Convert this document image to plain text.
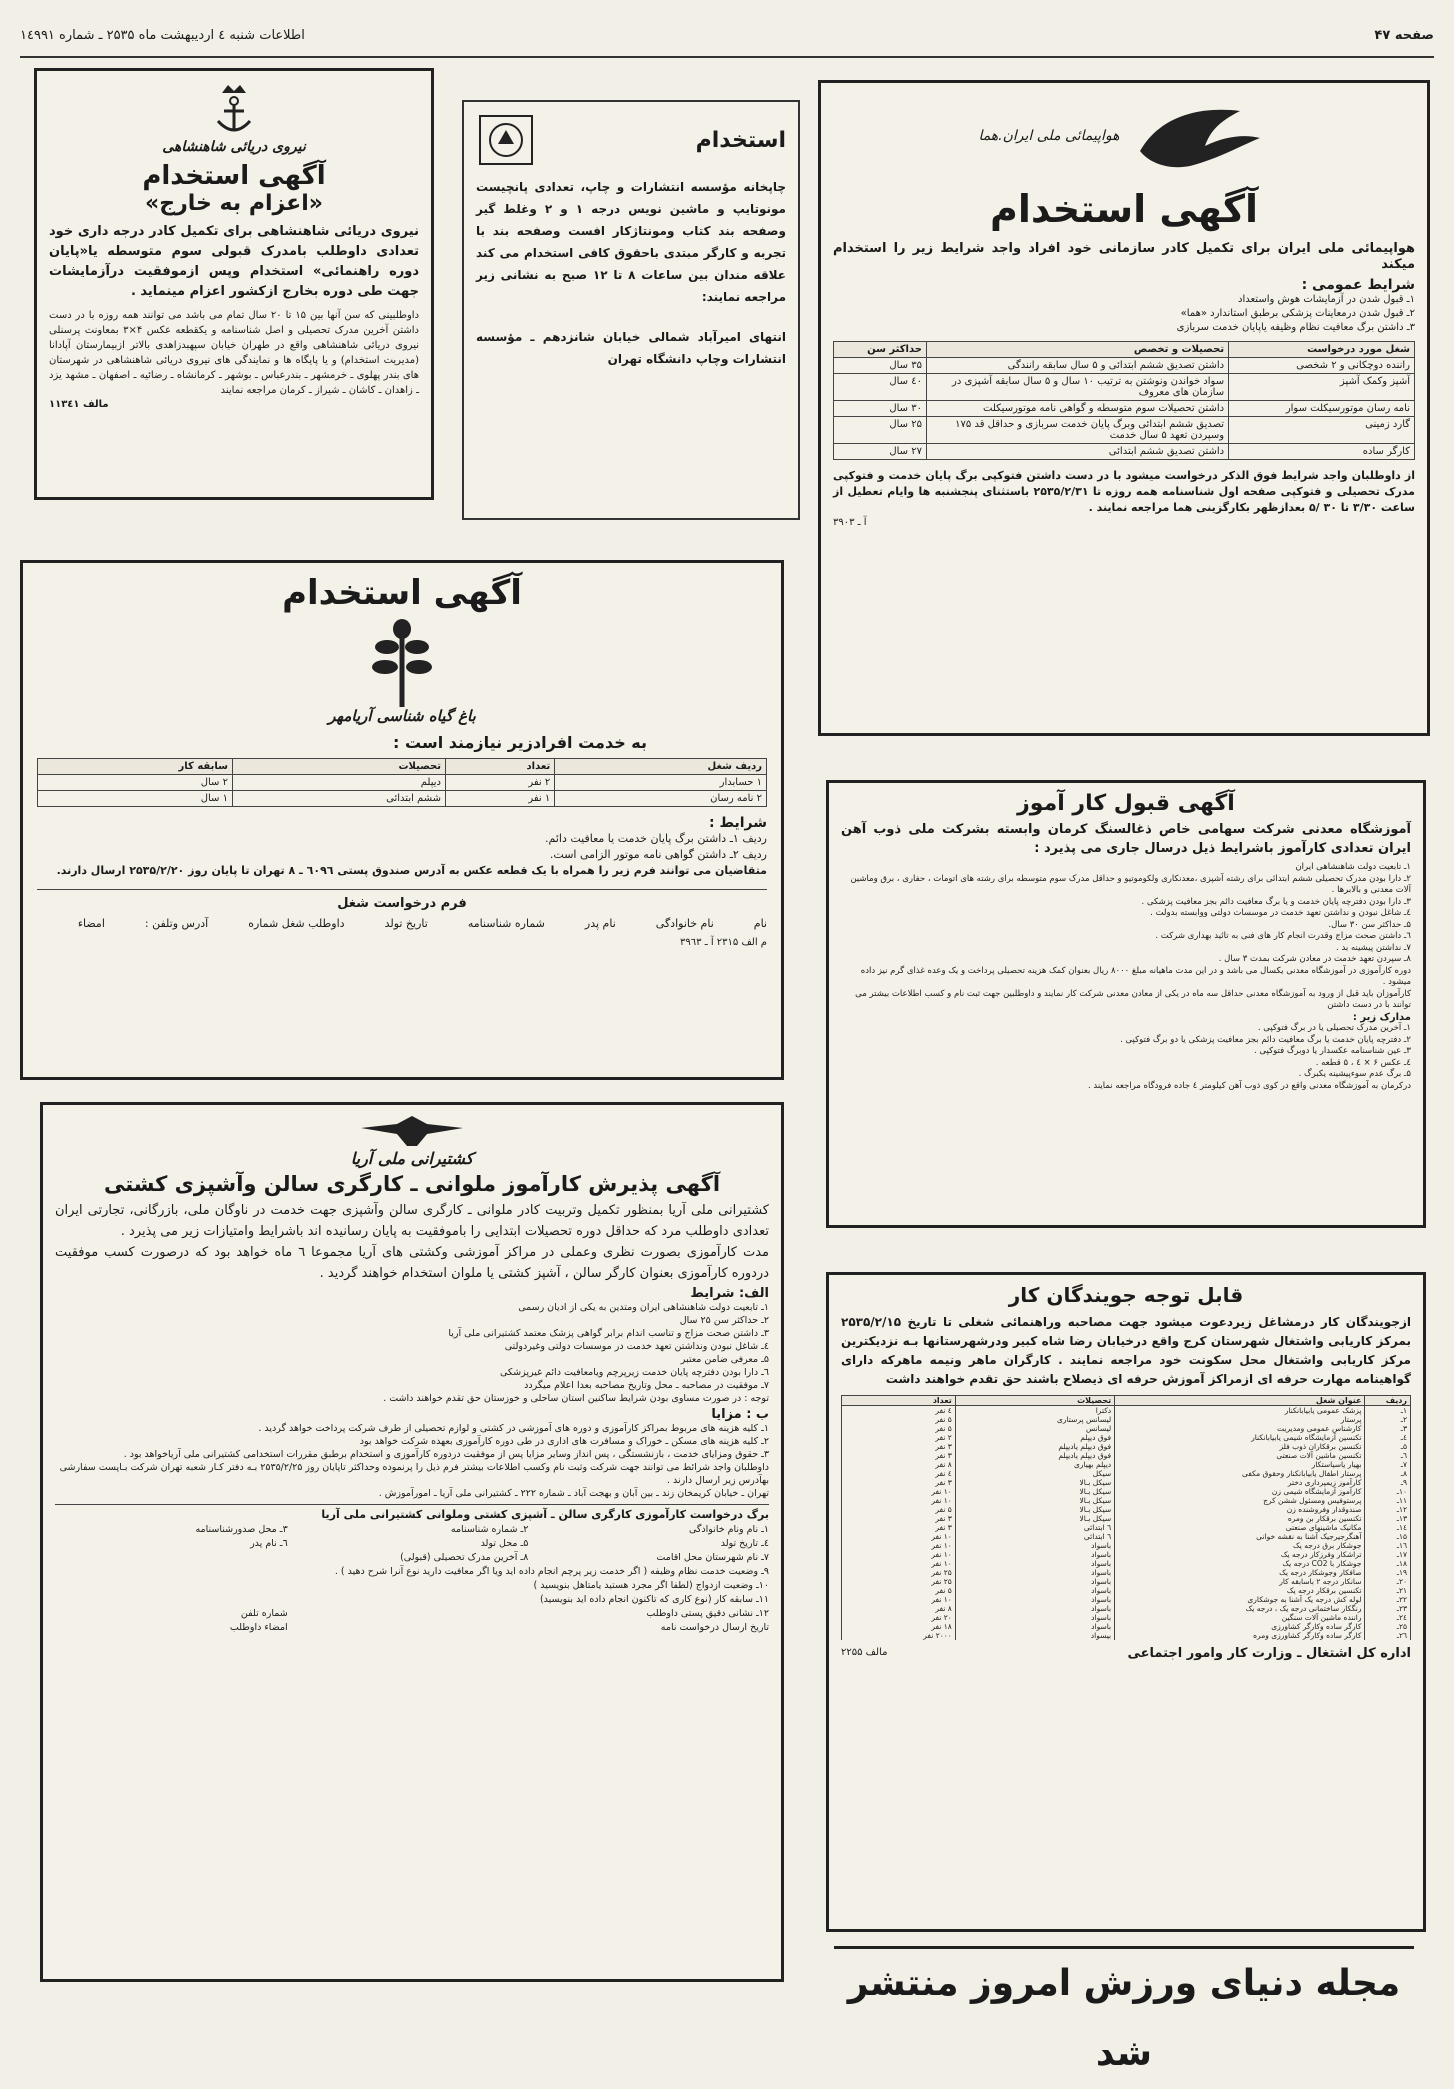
صفحه ۴۷
اطلاعات شنبه ٤ اردیبهشت ماه ۲۵۳۵ ـ شماره ۱٤۹۹۱
هواپیمائی ملی ایران.هما
آگهی استخدام
هواپیمائی ملی ایران برای تکمیل کادر سازمانی خود افراد واجد شرایط زیر را استخدام میکند
شرایط عمومی :
۱ـ قبول شدن در آزمایشات هوش واستعداد
۲ـ قبول شدن درمعاینات پزشکی برطبق استاندارد «هما»
۳ـ داشتن برگ معافیت نظام وظیفه یاپایان خدمت سربازی
شغل مورد درخواست	تحصیلات و تخصص	حداکثر سن
راننده دوچکانی و ۲ شخصی	داشتن تصدیق ششم ابتدائی و ۵ سال سابقه رانندگی	۳۵ سال
آشپز وکمک آشپز	سواد خواندن ونوشتن به ترتیب ۱۰ سال و ۵ سال سابقه آشپزی در سازمان های معروف	٤۰ سال
نامه رسان موتورسیکلت سوار	داشتن تحصیلات سوم متوسطه و گواهی نامه موتورسیکلت	۳۰ سال
گارد زمینی	تصدیق ششم ابتدائی وبرگ پایان خدمت سربازی و حداقل قد ۱۷۵ وسپردن تعهد ۵ سال خدمت	۲۵ سال
کارگر ساده	داشتن تصدیق ششم ابتدائی	۲۷ سال
از داوطلبان واجد شرایط فوق الذکر درخواست میشود با در دست داشتن فتوکپی برگ پایان خدمت و فتوکپی مدرک تحصیلی و فتوکپی صفحه اول شناسنامه همه روزه تا ۲۵۳۵/۲/۳۱ باستثنای پنجشنبه ها وایام تعطیل از ساعت ۳/۳۰ تا ۳۰ /۵ بعدازظهر بکارگزینی هما مراجعه نمایند .
آ ـ ۳۹۰۳
استخدام
چاپخانه مؤسسه انتشارات و چاپ، تعدادی پانچیست مونوتایپ و ماشین نویس درجه ۱ و ۲ وغلط گیر وصفحه بند کتاب ومونتاژکار افست وصفحه بند با تجربه و کارگر مبتدی باحقوق کافی استخدام می کند علاقه مندان بین ساعات ۸ تا ۱۲ صبح به نشانی زیر مراجعه نمایند:
انتهای امیرآباد شمالی خیابان شانزدهم ـ مؤسسه انتشارات وچاپ دانشگاه تهران
نیروی دریائی شاهنشاهی
آگهی استخدام
«اعزام به خارج»
نیروی دریائی شاهنشاهی برای تکمیل کادر درجه داری خود تعدادی داوطلب بامدرک قبولی سوم متوسطه یا«پایان دوره راهنمائی» استخدام وپس ازموفقیت درآزمایشات جهت طی دوره بخارج ازکشور اعزام مینماید .
داوطلبینی که سن آنها بین ۱۵ تا ۲۰ سال تمام می باشد می توانند همه روزه با در دست داشتن آخرین مدرک تحصیلی و اصل شناسنامه و یکقطعه عکس ۴×۳ بمعاونت پرسنلی نیروی دریائی شاهنشاهی واقع در طهران خیابان سپهبدزاهدی بالاتر ازبیمارستان آپادانا (مدیریت استخدام) و یا پایگاه ها و نمایندگی های نیروی دریائی شاهنشاهی در شهرستان های بندر پهلوی ـ خرمشهر ـ بندرعباس ـ بوشهر ـ کرمانشاه ـ رضائیه ـ اصفهان ـ مشهد یزد ـ زاهدان ـ کاشان ـ شیراز ـ کرمان مراجعه نمایند
مالف ۱۱۳٤۱
آگهی استخدام
باغ گیاه شناسی آریامهر
به خدمت افرادزیر نیازمند است :
ردیف شغل	تعداد	تحصیلات	سابقه کار
۱ حسابدار	۲ نفر	دیپلم	۲ سال
۲ نامه رسان	۱ نفر	ششم ابتدائی	۱ سال
شرایط :
ردیف ۱ـ داشتن برگ پایان خدمت یا معافیت دائم.
ردیف ۲ـ داشتن گواهی نامه موتور الزامی است.
متقاضیان می توانند فرم زیر را همراه با یک قطعه عکس به آدرس صندوق پستی ٦۰۹٦ ـ ۸ تهران تا پایان روز ۲۵۳۵/۲/۲۰ ارسال دارند.
فرم درخواست شغل
نام
نام خانوادگی
نام پدر
شماره شناسنامه
تاریخ تولد
داوطلب شغل شماره
آدرس وتلفن :
امضاء
م الف ۲۳۱۵ آ ـ ۳۹٦۳
آگهی قبول کار آموز
آموزشگاه معدنی شرکت سهامی خاص ذغالسنگ کرمان وابسته بشرکت ملی ذوب آهن ایران تعدادی کارآموز باشرایط ذیل درسال جاری می پذیرد :
۱ـ تابعیت دولت شاهنشاهی ایران
۲ـ دارا بودن مدرک تحصیلی ششم ابتدائی برای رشته آشپزی ،معدنکاری ولکوموتیو و حداقل مدرک سوم متوسطه برای رشته های اتومات ، حفاری ، برق وماشین آلات معدنی و بالابرها .
۳ـ دارا بودن دفترچه پایان خدمت و یا برگ معافیت دائم بجز معافیت پزشکی .
٤ـ شاغل نبودن و نداشتن تعهد خدمت در موسسات دولتی ووابسته بدولت .
۵ـ حداکثر سن ۳۰ سال.
٦ـ داشتن صحت مزاج وقدرت انجام کار های فنی به تائید بهداری شرکت .
۷ـ نداشتن پیشینه بد .
۸ـ سپردن تعهد خدمت در معادن شرکت بمدت ۳ سال .
دوره کارآموزی در آموزشگاه معدنی یکسال می باشد و در این مدت ماهیانه مبلغ ۸۰۰۰ ریال بعنوان کمک هزینه تحصیلی پرداخت و یک وعده غذای گرم نیز داده میشود .
کارآموزان باید قبل از ورود به آموزشگاه معدنی حداقل سه ماه در یکی از معادن معدنی شرکت کار نمایند و داوطلبین جهت ثبت نام و کسب اطلاعات بیشتر می توانند با در دست داشتن
مدارک زیر :
۱ـ آخرین مدرک تحصیلی یا در برگ فتوکپی .
۲ـ دفترچه پایان خدمت یا برگ معافیت دائم بجز معافیت پزشکی یا دو برگ فتوکپی .
۳ـ عین شناسنامه عکسدار یا دوبرگ فتوکپی .
٤ـ عکس ۶ × ٤ ، ۵ قطعه .
۵ـ برگ عدم سوءپیشینه یکبرگ .
درکرمان به آموزشگاه معدنی واقع در کوی ذوب آهن کیلومتر ٤ جاده فرودگاه مراجعه نمایند .
قابل توجه جویندگان کار
ازجویندگان کار درمشاغل زیردعوت میشود جهت مصاحبه وراهنمائی شغلی تا تاریخ ۲۵۳۵/۲/۱۵ بمرکز کاریابی واشتغال شهرستان کرج واقع درخیابان رضا شاه کبیر ودرشهرستانها بـه نزدیکترین مرکز کاریابی واشتغال محل سکونت خود مراجعه نمایند . کارگران ماهر ونیمه ماهرکه دارای گواهینامه مهارت حرفه ای ازمراکز آموزش حرفه ای ذیصلاح باشند حق تقدم خواهند داشت
ردیف	عنوان شغل	تحصیلات	تعداد
۱ـ	پزشک عمومی یابیابانکنار	دکترا	٤ نفر
۲ـ	پرستار	لیسانس پرستاری	۵ نفر
۳ـ	کارشناس عمومی ومدیریت	لیسانس	۵ نفر
٤ـ	تکنسین آزمایشگاه شیمی یابیابانکنار	فوق دیپلم	۲ نفر
۵ـ	تکنسین برقکاران ذوب فلز	فوق دیپلم یادیپلم	۳ نفر
٦ـ	تکنسین ماشین آلات صنعتی	فوق دیپلم یادیپلم	۳ نفر
۷ـ	بهیار یاسیاستکار	دیپلم بهیاری	۸ نفر
۸ـ	پرستار اطفال یابیابانکنار وحقوق مکفی	سیکل	٤ نفر
۹ـ	کارآموز زیمپرداری دختر	سیکل بـالا	۳ نفر
۱۰ـ	کارآموز آزمایشگاه شیمی زن	سیکل بـالا	۱۰ نفر
۱۱ـ	پرستوفیس ومسئول ششن کرج	سیکل بـالا	۱۰ نفر
۱۲ـ	صندوقدار وفروشنده زن	سیکل بـالا	۵ نفر
۱۳ـ	تکنسین برقکار بن ومره	سیکل بـالا	۳ نفر
۱٤ـ	مکانیک ماشینهای صنعتی	٦ ابتدائی	۳ نفر
۱۵ـ	آهنگرجیرجیک آشنا به نقشه خوانی	٦ ابتدائی	۱۰ نفر
۱٦ـ	جوشکار برق درجه یک	باسواد	۱۰ نفر
۱۷ـ	تراشکار وفرزکار درجه یک	باسواد	۱۰ نفر
۱۸ـ	جوشکار با CO2 درجه یک	باسواد	۱۰ نفر
۱۹ـ	صافکار وجوشکار درجه یک	باسواد	۲۵ نفر
۲۰ـ	سانکار درجه ۲ باسابقه کار	باسواد	۲۵ نفر
۲۱ـ	تکنسین برقکار درجه یک	باسواد	۵ نفر
۲۲ـ	لوله کش درجه یک آشنا به جوشکاری	باسواد	۱۰ نفر
۲۳ـ	رنگکار ساختمانی درجه یک ، درجه یک	باسواد	۸ نفر
۲٤ـ	راننده ماشین آلات سنگین	باسواد	۲۰ نفر
۲۵ـ	کارگر ساده وکارگر کشاورزی	باسواد	۱۸ نفر
۲٦ـ	کارگر ساده وکارگر کشاورزی ومره	بیسواد	۲۰۰۰ نفر
اداره کل اشتغال ـ وزارت کار وامور اجتماعی
مالف ۲۲۵۵
کشتیرانی ملی آریا
آگهی پذیرش کارآموز ملوانی ـ کارگری سالن وآشپزی کشتی
کشتیرانی ملی آریا بمنظور تکمیل وتربیت کادر ملوانی ـ کارگری سالن وآشپزی جهت خدمت در ناوگان ملی، بازرگانی، تجارتی ایران تعدادی داوطلب مرد که حداقل دوره تحصیلات ابتدایی را باموفقیت به پایان رسانیده اند باشرایط وامتیازات زیر می پذیرد .
مدت کارآموزی بصورت نظری وعملی در مراکز آموزشی وکشتی های آریا مجموعا ٦ ماه خواهد بود که درصورت کسب موفقیت دردوره کارآموزی بعنوان کارگر سالن ، آشپز کشتی یا ملوان استخدام خواهند گردید .
الف: شرایط
۱ـ تابعیت دولت شاهنشاهی ایران ومتدین به یکی از ادیان رسمی
۲ـ حداکثر سن ۲۵ سال
۳ـ داشتن صحت مزاج و تناسب اندام برابر گواهی پزشک معتمد کشتیرانی ملی آریا
٤ـ شاغل نبودن ونداشتن تعهد خدمت در موسسات دولتی وغیردولتی
۵ـ معرفی ضامن معتبر
٦ـ دارا بودن دفترچه پایان خدمت زیرپرچم ویامعافیت دائم غیرپزشکی
۷ـ موفقیت در مصاحبه ـ محل وتاریخ مصاحبه بعدا اعلام میگردد
توجه : در صورت مساوی بودن شرایط ساکنین استان ساحلی و خوزستان حق تقدم خواهند داشت .
ب : مزایا
۱ـ کلیه هزینه های مربوط بمراکز کارآموزی و دوره های آموزشی در کشتی و لوازم تحصیلی از طرف شرکت پرداخت خواهد گردید .
۲ـ کلیه هزینه های مسکن ـ خوراک و مسافرت های اداری در طی دوره کارآموزی بعهده شرکت خواهد بود
۳ـ حقوق ومزایای خدمت ، بازنشستگی ، پس انداز وسایر مزایا پس از موفقیت دردوره کارآموزی و استخدام برطبق مقررات استخدامی کشتیرانی ملی آریاخواهد بود .
داوطلبان واجد شرائط می توانند جهت شرکت وثبت نام وکسب اطلاعات بیشتر فرم ذیل را پرنموده وحداکثر تاپایان روز ۲۵۳۵/۲/۲۵ بـه دفتر کـار شعبه تهران شرکت بـاپست سفارشی بهآدرس زیر ارسال دارند .
تهران ـ خیابان کریمخان زند ـ بین آبان و بهجت آباد ـ شماره ۲۲۲ ـ کشتیرانی ملی آریا ـ امورآموزش .
برگ درخواست کارآموزی کارگری سالن ـ آشپزی کشتی وملوانی کشتیرانی ملی آریا
۱ـ نام ونام خانوادگی
۲ـ شماره شناسنامه
۳ـ محل صدورشناسنامه
٤ـ تاریخ تولد
۵ـ محل تولد
٦ـ نام پدر
۷ـ نام شهرستان محل اقامت
۸ـ آخرین مدرک تحصیلی (قبولی)
۹ـ وضعیت خدمت نظام وظیفه ( اگر خدمت زیر پرچم انجام داده اید ویا اگر معافیت دارید نوع آنرا شرح دهید ) .
۱۰ـ وضعیت ازدواج (لطفا اگر مجرد هستید یامتاهل بنویسید )
۱۱ـ سابقه کار (نوع کاری که تاکنون انجام داده اید بنویسید)
۱۲ـ نشانی دقیق پستی داوطلب
شماره تلفن
تاریخ ارسال درخواست نامه
امضاء داوطلب
مجله دنیای ورزش امروز منتشر شد
